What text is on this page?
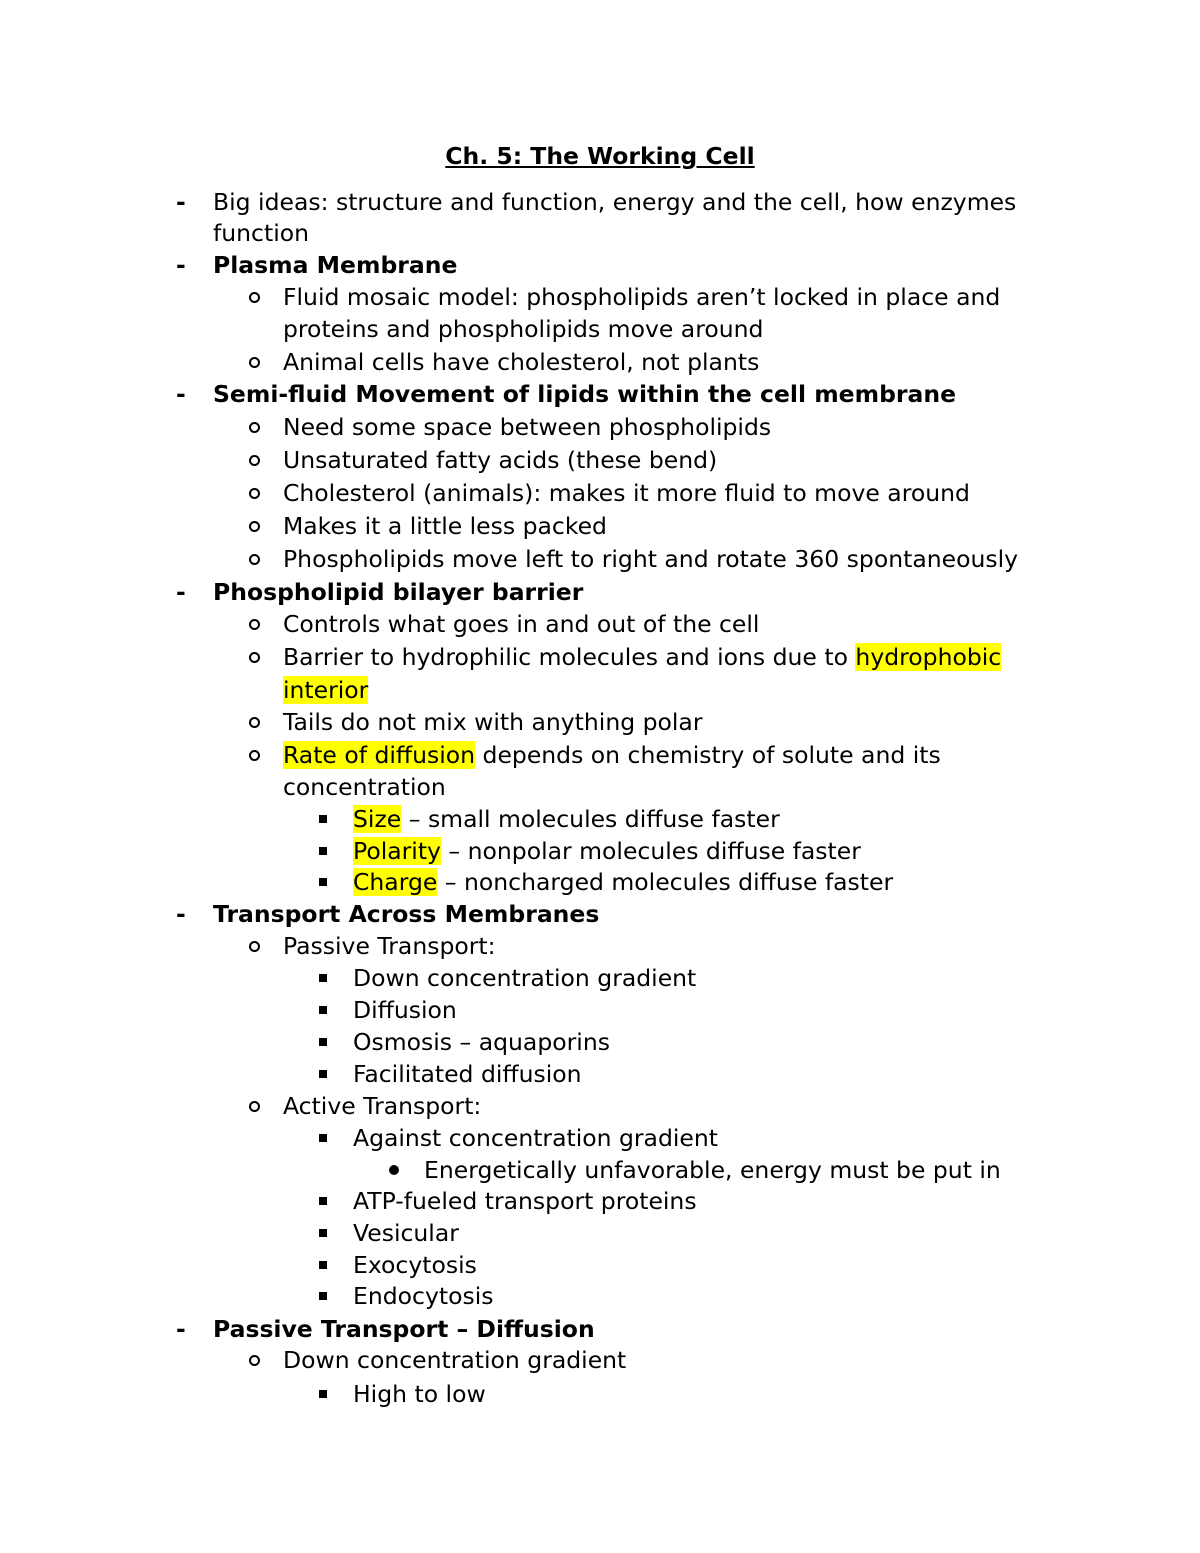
Ch. 5: The Working Cell
- Big ideas: structure and function, energy and the cell, how enzymes
function
- Plasma Membrane
Fluid mosaic model: phospholipids aren’t locked in place and
proteins and phospholipids move around
Animal cells have cholesterol, not plants
- Semi-fluid Movement of lipids within the cell membrane
Need some space between phospholipids
Unsaturated fatty acids (these bend)
Cholesterol (animals): makes it more fluid to move around
Makes it a little less packed
Phospholipids move left to right and rotate 360 spontaneously
- Phospholipid bilayer barrier
Controls what goes in and out of the cell
Barrier to hydrophilic molecules and ions due to hydrophobic
interior
Tails do not mix with anything polar
Rate of diffusion depends on chemistry of solute and its
concentration
Size – small molecules diffuse faster
Polarity – nonpolar molecules diffuse faster
Charge – noncharged molecules diffuse faster
- Transport Across Membranes
Passive Transport:
Down concentration gradient
Diffusion
Osmosis – aquaporins
Facilitated diffusion
Active Transport:
Against concentration gradient
Energetically unfavorable, energy must be put in
ATP-fueled transport proteins
Vesicular
Exocytosis
Endocytosis
- Passive Transport – Diffusion
Down concentration gradient
High to low
